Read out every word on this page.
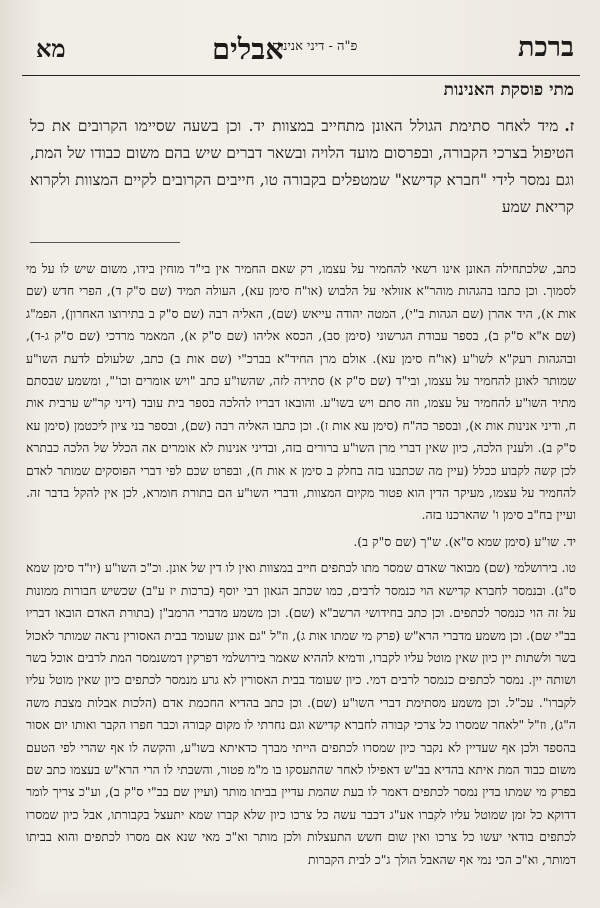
ברכת
אבלים
פ"ה - דיני אנינות
מא
מתי פוסקת האנינות
ז.מיד לאחר סתימת הגולל האונן מתחייב במצוות יד. וכן בשעה שסיימו הקרובים את כל הטיפול בצרכי הקבורה, ובפרסום מועד הלויה ובשאר דברים שיש בהם משום כבודו של המת, וגם נמסר לידי "חברא קדישא" שמטפלים בקבורה טו, חייבים הקרובים לקיים המצוות ולקרוא קריאת שמע

כתב, שלכתחילה האונן אינו רשאי להחמיר על עצמו, רק שאם החמיר אין בי"ד מוחין בידו, משום שיש לו על מי לסמוך. וכן כתבו בהגהות מוהר"א אזולאי על הלבוש (או"ח סימן עא), העולה תמיד (שם ס"ק ד), הפרי חדש (שם אות א), היד אהרן (שם הגהות ב"י), המטה יהודה עייאש (שם), האליה רבה (שם ס"ק ב בתירוצו האחרון), הפמ"ג (שם א"א ס"ק ב), בספר עבודת הגרשוני (סימן סב), הכסא אליהו (שם ס"ק א), המאמר מרדכי (שם ס"ק ג-ד), ובהגהות רעק"א לשו"ע (או"ח סימן עא). אולם מרן החיד"א בברכ"י (שם אות ב) כתב, שלעולם לדעת השו"ע שמותר לאונן להחמיר על עצמו, ובי"ד (שם ס"ק א) סתירה לזה, שהשו"ע כתב "ויש אומרים וכו'", ומשמע שבסתם מתיר השו"ע להחמיר על עצמו, וזה סתם ויש בשו"ע. והובאו דבריו להלכה בספר בית עובד (דיני קר"ש ערבית אות ח, ודיני אנינות אות א), ובספר כה"ח (סימן עא אות ז). וכן כתבו האליה רבה (שם), ובספר בני ציון ליכטמן (סימן עא ס"ק ב). ולענין הלכה, כיון שאין דברי מרן השו"ע ברורים בזה, ובדיני אנינות לא אומרים אה הכלל של הלכה כבתרא לכן קשה לקבוע ככלל (עיין מה שכתבנו בזה בחלק ב סימן א אות ח), ובפרט שכם לפי דברי הפוסקים שמותר לאדם להחמיר על עצמו, מעיקר הדין הוא פטור מקיום המצוות, ודברי השו"ע הם בתורת חומרא, לכן אין להקל בדבר זה. ועיין בח"ב סימן ו' שהארכנו בזה.

יד. שו"ע (סימן שמא ס"א). ש"ך (שם ס"ק ב).

טו. בירושלמי (שם) מבואר שאדם שמסר מתו לכתפים חייב במצוות ואין לו דין של אונן. וכ"כ השו"ע (יו"ד סימן שמא ס"ג). ובנמסר לחברא קדישא הוי כנמסר לרבים, כמו שכתב הגאון רבי יוסף (ברכות יז ע"ב) שכשיש חבורות ממונות על זה הוי כנמסר לכתפים. וכן כתב בחידושי הרשב"א (שם). וכן משמע מדברי הרמב"ן (בתורת האדם הובאו דבריו בב"י שם). וכן משמע מדברי הרא"ש (פרק מי שמתו אות ג), וז"ל "גם אונן שעומד בבית האסורין נראה שמותר לאכול בשר ולשתות יין כיון שאין מוטל עליו לקברו, ודמיא לההיא שאמר בירושלמי דפרקין דמשנמסר המת לרבים אוכל בשר ושותה יין. נמסר לכתפים כנמסר לרבים דמי. כיון שעומד בבית האסורין לא גרע מנמסר לכתפים כיון שאין מוטל עליו לקברו". עכ"ל. וכן משמע מסתימת דברי השו"ע (שם). וכן כתב בהדיא החכמת אדם (הלכות אבלות מצבת משה ה"ג), וז"ל "לאחר שמסרו כל צרכי קבורה לחברא קדישא וגם נחרתי לו מקום קבורה וכבר חפרו הקבר ואותו יום אסור בהספד ולכן אף שעדיין לא נקבר כיון שמסרו לכתפים הייתי מברך כדאיתא בשו"ע, והקשה לו אף שהרי לפי הטעם משום כבוד המת איתא בהדיא בב"ש דאפילו לאחר שהתעסקו בו מ"מ פטור, והשבתי לו הרי הרא"ש בעצמו כתב שם בפרק מי שמתו בדין נמסר לכתפים דאמר לו בעת שהמת עדיין בביתו מותר (ועיין שם בב"י ס"ק ב), וע"כ צריך לומר דדוקא כל זמן שמוטל עליו לקברו אע"ג דכבר עשה כל צרכו כיון שלא קברו שמא יתעצל בקבורתו, אבל כיון שמסרו לכתפים בודאי יעשו כל צרכו ואין שום חשש התעצלות ולכן מותר וא"כ מאי שנא אם מסרו לכתפים והוא בביתו דמותר, וא"כ הכי נמי אף שהאבל הולך ג"כ לבית הקברות
